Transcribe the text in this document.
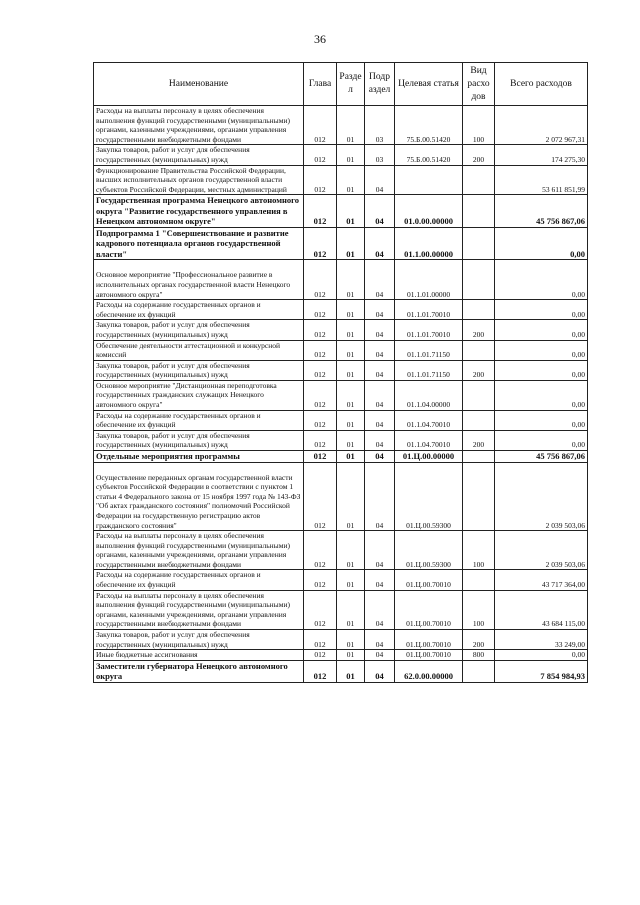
36
Наименование	Глава	Разде л	Подр аздел	Целевая статья	Вид расхо дов	Всего расходов
Расходы на выплаты персоналу в целях обеспечения выполнения функций государственными (муниципальными) органами, казенными учреждениями, органами управления государственными внебюджетными фондами	012	01	03	75.Б.00.51420	100	2 072 967,31
Закупка товаров, работ и услуг для обеспечения государственных (муниципальных) нужд	012	01	03	75.Б.00.51420	200	174 275,30
Функционирование Правительства Российской Федерации, высших исполнительных органов государственной власти субъектов Российской Федерации, местных администраций	012	01	04			53 611 851,99
Государственная программа Ненецкого автономного округа "Развитие государственного управления в Ненецком автономном округе"	012	01	04	01.0.00.00000		45 756 867,06
Подпрограмма 1 "Совершенствование и развитие кадрового потенциала органов государственной власти"	012	01	04	01.1.00.00000		0,00
Основное мероприятие "Профессиональное развитие в исполнительных органах государственной власти Ненецкого автономного округа"	012	01	04	01.1.01.00000		0,00
Расходы на содержание государственных органов и обеспечение их функций	012	01	04	01.1.01.70010		0,00
Закупка товаров, работ и услуг для обеспечения государственных (муниципальных) нужд	012	01	04	01.1.01.70010	200	0,00
Обеспечение деятельности аттестационной и конкурсной комиссий	012	01	04	01.1.01.71150		0,00
Закупка товаров, работ и услуг для обеспечения государственных (муниципальных) нужд	012	01	04	01.1.01.71150	200	0,00
Основное мероприятие "Дистанционная переподготовка государственных гражданских служащих Ненецкого автономного округа"	012	01	04	01.1.04.00000		0,00
Расходы на содержание государственных органов и обеспечение их функций	012	01	04	01.1.04.70010		0,00
Закупка товаров, работ и услуг для обеспечения государственных (муниципальных) нужд	012	01	04	01.1.04.70010	200	0,00
Отдельные мероприятия программы	012	01	04	01.Ц.00.00000		45 756 867,06
Осуществление переданных органам государственной власти субъектов Российской Федерации в соответствии с пунктом 1 статьи 4 Федерального закона от 15 ноября 1997 года № 143-ФЗ "Об актах гражданского состояния" полномочий Российской Федерации на государственную регистрацию актов гражданского состояния"	012	01	04	01.Ц.00.59300		2 039 503,06
Расходы на выплаты персоналу в целях обеспечения выполнения функций государственными (муниципальными) органами, казенными учреждениями, органами управления государственными внебюджетными фондами	012	01	04	01.Ц.00.59300	100	2 039 503,06
Расходы на содержание государственных органов и обеспечение их функций	012	01	04	01.Ц.00.70010		43 717 364,00
Расходы на выплаты персоналу в целях обеспечения выполнения функций государственными (муниципальными) органами, казенными учреждениями, органами управления государственными внебюджетными фондами	012	01	04	01.Ц.00.70010	100	43 684 115,00
Закупка товаров, работ и услуг для обеспечения государственных (муниципальных) нужд	012	01	04	01.Ц.00.70010	200	33 249,00
Иные бюджетные ассигнования	012	01	04	01.Ц.00.70010	800	0,00
Заместители губернатора Ненецкого автономного округа	012	01	04	62.0.00.00000		7 854 984,93
